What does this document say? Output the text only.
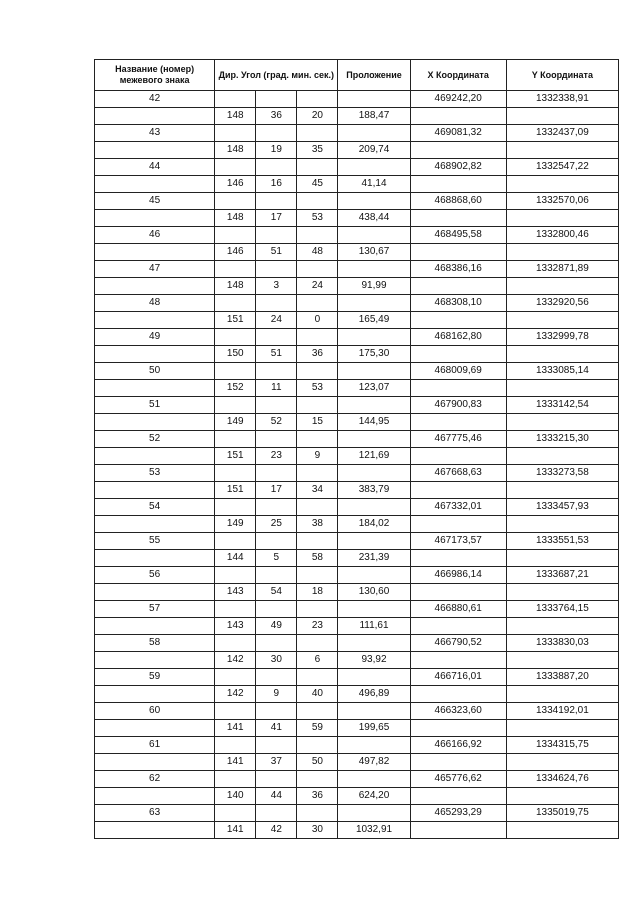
Название (номер) межевого знака	Дир. Угол (град. мин. сек.)			Проложение	X Координата	Y Координата
42					469242,20	1332338,91
	148	36	20	188,47		
43					469081,32	1332437,09
	148	19	35	209,74		
44					468902,82	1332547,22
	146	16	45	41,14		
45					468868,60	1332570,06
	148	17	53	438,44		
46					468495,58	1332800,46
	146	51	48	130,67		
47					468386,16	1332871,89
	148	3	24	91,99		
48					468308,10	1332920,56
	151	24	0	165,49		
49					468162,80	1332999,78
	150	51	36	175,30		
50					468009,69	1333085,14
	152	11	53	123,07		
51					467900,83	1333142,54
	149	52	15	144,95		
52					467775,46	1333215,30
	151	23	9	121,69		
53					467668,63	1333273,58
	151	17	34	383,79		
54					467332,01	1333457,93
	149	25	38	184,02		
55					467173,57	1333551,53
	144	5	58	231,39		
56					466986,14	1333687,21
	143	54	18	130,60		
57					466880,61	1333764,15
	143	49	23	111,61		
58					466790,52	1333830,03
	142	30	6	93,92		
59					466716,01	1333887,20
	142	9	40	496,89		
60					466323,60	1334192,01
	141	41	59	199,65		
61					466166,92	1334315,75
	141	37	50	497,82		
62					465776,62	1334624,76
	140	44	36	624,20		
63					465293,29	1335019,75
	141	42	30	1032,91		
